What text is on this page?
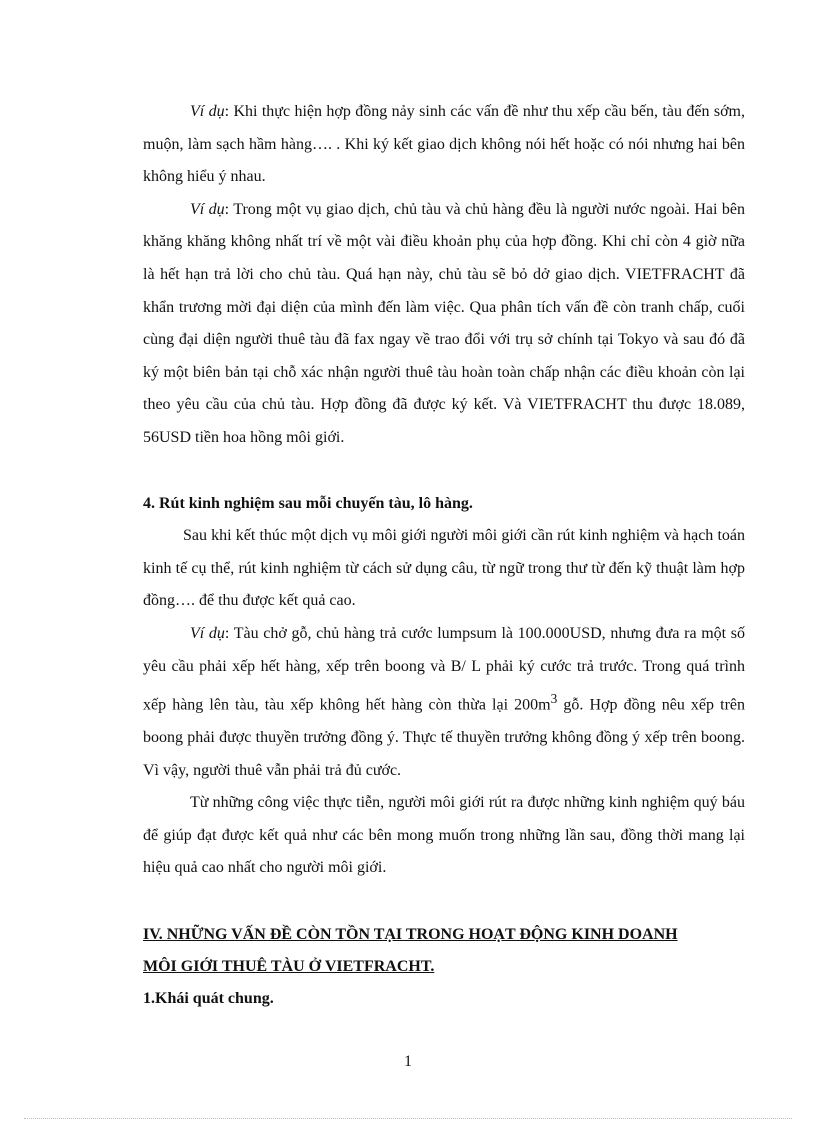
Ví dụ: Khi thực hiện hợp đồng nảy sinh các vấn đề như thu xếp cầu bến, tàu đến sớm, muộn, làm sạch hầm hàng…. . Khi ký kết giao dịch không nói hết hoặc có nói nhưng hai bên không hiểu ý nhau.

Ví dụ: Trong một vụ giao dịch, chủ tàu và chủ hàng đều là người nước ngoài. Hai bên khăng khăng không nhất trí về một vài điều khoản phụ của hợp đồng. Khi chỉ còn 4 giờ nữa là hết hạn trả lời cho chủ tàu. Quá hạn này, chủ tàu sẽ bỏ dở giao dịch. VIETFRACHT đã khẩn trương mời đại diện của mình đến làm việc. Qua phân tích vấn đề còn tranh chấp, cuối cùng đại diện người thuê tàu đã fax ngay về trao đổi với trụ sở chính tại Tokyo và sau đó đã ký một biên bản tại chỗ xác nhận người thuê tàu hoàn toàn chấp nhận các điều khoản còn lại theo yêu cầu của chủ tàu. Hợp đồng đã được ký kết. Và VIETFRACHT thu được 18.089, 56USD tiền hoa hồng môi giới.

4. Rút kinh nghiệm sau mỗi chuyến tàu, lô hàng.

Sau khi kết thúc một dịch vụ môi giới người môi giới cần rút kinh nghiệm và hạch toán kinh tế cụ thể, rút kinh nghiệm từ cách sử dụng câu, từ ngữ trong thư từ đến kỹ thuật làm hợp đồng…. để thu được kết quả cao.

Ví dụ: Tàu chở gỗ, chủ hàng trả cước lumpsum là 100.000USD, nhưng đưa ra một số yêu cầu phải xếp hết hàng, xếp trên boong và B/ L phải ký cước trả trước. Trong quá trình xếp hàng lên tàu, tàu xếp không hết hàng còn thừa lại $200m^3$ gỗ. Hợp đồng nêu xếp trên boong phải được thuyền trưởng đồng ý. Thực tế thuyền trưởng không đồng ý xếp trên boong. Vì vậy, người thuê vẫn phải trả đủ cước.

Từ những công việc thực tiễn, người môi giới rút ra được những kinh nghiệm quý báu để giúp đạt được kết quả như các bên mong muốn trong những lần sau, đồng thời mang lại hiệu quả cao nhất cho người môi giới.

IV. NHỮNG VẤN ĐỀ CÒN TỒN TẠI TRONG HOẠT ĐỘNG KINH DOANH
MÔI GIỚI THUÊ TÀU Ở VIETFRACHT.
1.Khái quát chung.
1
